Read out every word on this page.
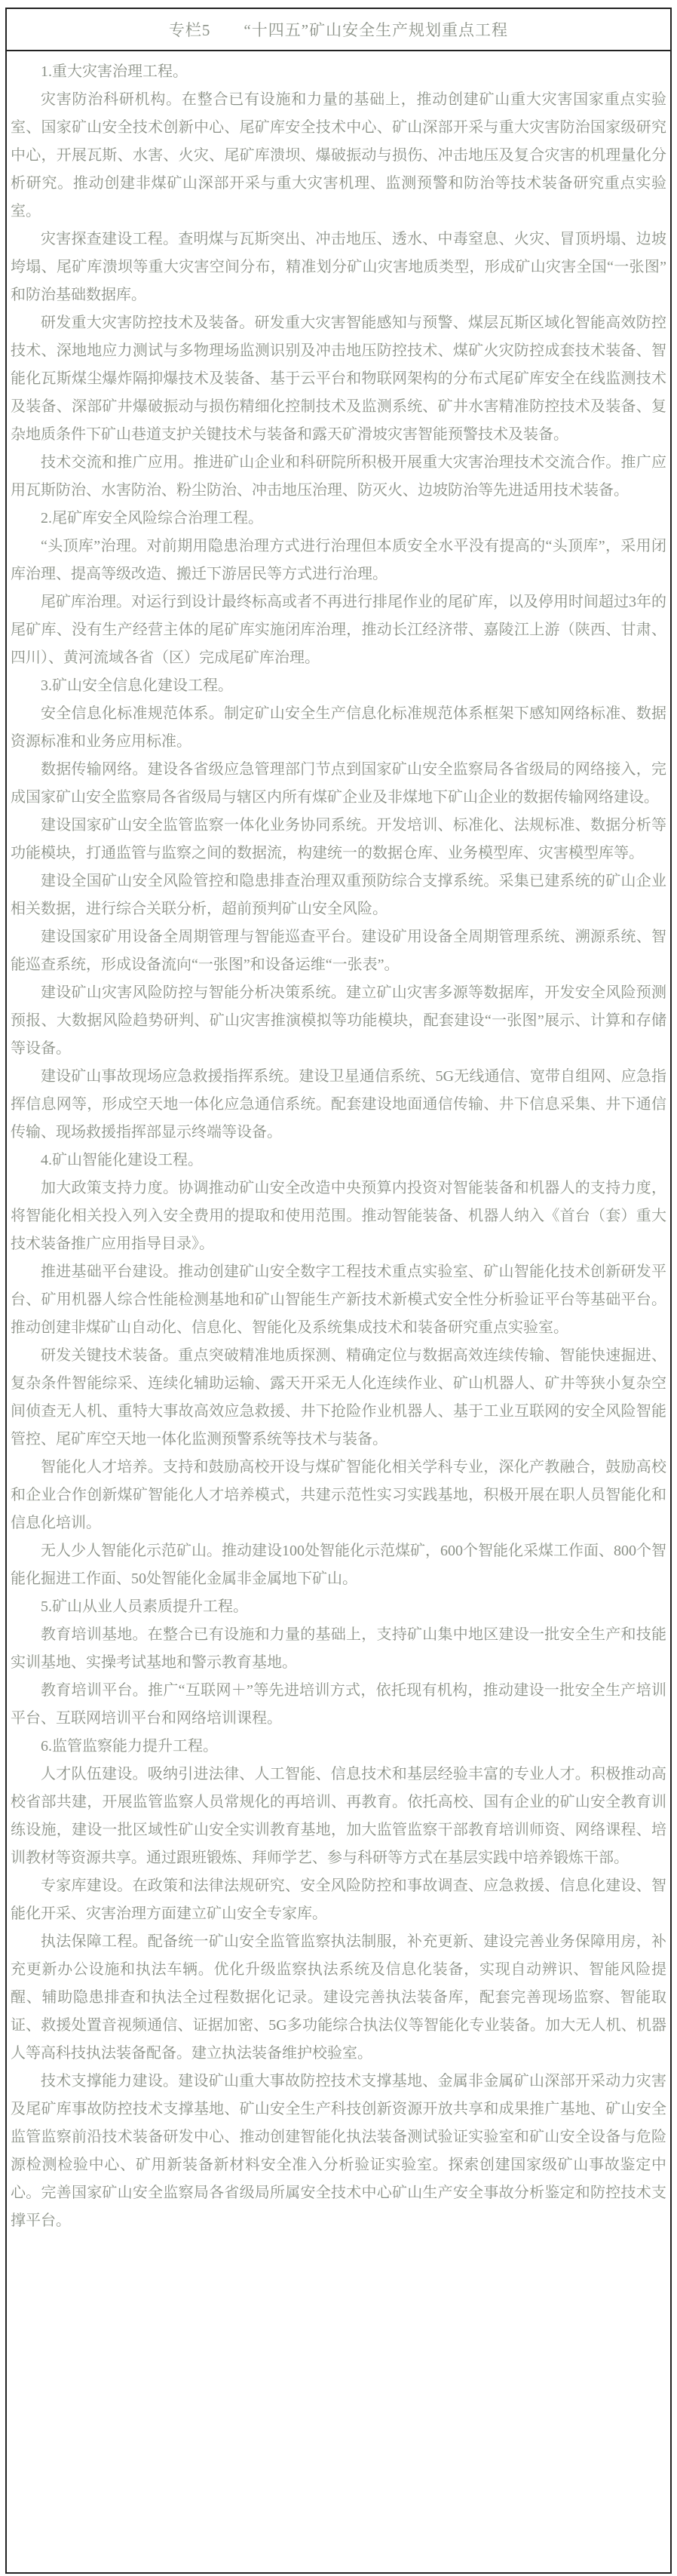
专栏5　　“十四五”矿山安全生产规划重点工程

1.重大灾害治理工程。

灾害防治科研机构。在整合已有设施和力量的基础上，推动创建矿山重大灾害国家重点实验室、国家矿山安全技术创新中心、尾矿库安全技术中心、矿山深部开采与重大灾害防治国家级研究中心，开展瓦斯、水害、火灾、尾矿库溃坝、爆破振动与损伤、冲击地压及复合灾害的机理量化分析研究。推动创建非煤矿山深部开采与重大灾害机理、监测预警和防治等技术装备研究重点实验室。

灾害探查建设工程。查明煤与瓦斯突出、冲击地压、透水、中毒窒息、火灾、冒顶坍塌、边坡垮塌、尾矿库溃坝等重大灾害空间分布，精准划分矿山灾害地质类型，形成矿山灾害全国“一张图”和防治基础数据库。

研发重大灾害防控技术及装备。研发重大灾害智能感知与预警、煤层瓦斯区域化智能高效防控技术、深地地应力测试与多物理场监测识别及冲击地压防控技术、煤矿火灾防控成套技术装备、智能化瓦斯煤尘爆炸隔抑爆技术及装备、基于云平台和物联网架构的分布式尾矿库安全在线监测技术及装备、深部矿井爆破振动与损伤精细化控制技术及监测系统、矿井水害精准防控技术及装备、复杂地质条件下矿山巷道支护关键技术与装备和露天矿滑坡灾害智能预警技术及装备。

技术交流和推广应用。推进矿山企业和科研院所积极开展重大灾害治理技术交流合作。推广应用瓦斯防治、水害防治、粉尘防治、冲击地压治理、防灭火、边坡防治等先进适用技术装备。

2.尾矿库安全风险综合治理工程。

“头顶库”治理。对前期用隐患治理方式进行治理但本质安全水平没有提高的“头顶库”，采用闭库治理、提高等级改造、搬迁下游居民等方式进行治理。

尾矿库治理。对运行到设计最终标高或者不再进行排尾作业的尾矿库，以及停用时间超过3年的尾矿库、没有生产经营主体的尾矿库实施闭库治理，推动长江经济带、嘉陵江上游（陕西、甘肃、四川）、黄河流域各省（区）完成尾矿库治理。

3.矿山安全信息化建设工程。

安全信息化标准规范体系。制定矿山安全生产信息化标准规范体系框架下感知网络标准、数据资源标准和业务应用标准。

数据传输网络。建设各省级应急管理部门节点到国家矿山安全监察局各省级局的网络接入，完成国家矿山安全监察局各省级局与辖区内所有煤矿企业及非煤地下矿山企业的数据传输网络建设。

建设国家矿山安全监管监察一体化业务协同系统。开发培训、标准化、法规标准、数据分析等功能模块，打通监管与监察之间的数据流，构建统一的数据仓库、业务模型库、灾害模型库等。

建设全国矿山安全风险管控和隐患排查治理双重预防综合支撑系统。采集已建系统的矿山企业相关数据，进行综合关联分析，超前预判矿山安全风险。

建设国家矿用设备全周期管理与智能巡查平台。建设矿用设备全周期管理系统、溯源系统、智能巡查系统，形成设备流向“一张图”和设备运维“一张表”。

建设矿山灾害风险防控与智能分析决策系统。建立矿山灾害多源等数据库，开发安全风险预测预报、大数据风险趋势研判、矿山灾害推演模拟等功能模块，配套建设“一张图”展示、计算和存储等设备。

建设矿山事故现场应急救援指挥系统。建设卫星通信系统、5G无线通信、宽带自组网、应急指挥信息网等，形成空天地一体化应急通信系统。配套建设地面通信传输、井下信息采集、井下通信传输、现场救援指挥部显示终端等设备。

4.矿山智能化建设工程。

加大政策支持力度。协调推动矿山安全改造中央预算内投资对智能装备和机器人的支持力度，将智能化相关投入列入安全费用的提取和使用范围。推动智能装备、机器人纳入《首台（套）重大技术装备推广应用指导目录》。

推进基础平台建设。推动创建矿山安全数字工程技术重点实验室、矿山智能化技术创新研发平台、矿用机器人综合性能检测基地和矿山智能生产新技术新模式安全性分析验证平台等基础平台。推动创建非煤矿山自动化、信息化、智能化及系统集成技术和装备研究重点实验室。

研发关键技术装备。重点突破精准地质探测、精确定位与数据高效连续传输、智能快速掘进、复杂条件智能综采、连续化辅助运输、露天开采无人化连续作业、矿山机器人、矿井等狭小复杂空间侦查无人机、重特大事故高效应急救援、井下抢险作业机器人、基于工业互联网的安全风险智能管控、尾矿库空天地一体化监测预警系统等技术与装备。

智能化人才培养。支持和鼓励高校开设与煤矿智能化相关学科专业，深化产教融合，鼓励高校和企业合作创新煤矿智能化人才培养模式，共建示范性实习实践基地，积极开展在职人员智能化和信息化培训。

无人少人智能化示范矿山。推动建设100处智能化示范煤矿，600个智能化采煤工作面、800个智能化掘进工作面、50处智能化金属非金属地下矿山。

5.矿山从业人员素质提升工程。

教育培训基地。在整合已有设施和力量的基础上，支持矿山集中地区建设一批安全生产和技能实训基地、实操考试基地和警示教育基地。

教育培训平台。推广“互联网＋”等先进培训方式，依托现有机构，推动建设一批安全生产培训平台、互联网培训平台和网络培训课程。

6.监管监察能力提升工程。

人才队伍建设。吸纳引进法律、人工智能、信息技术和基层经验丰富的专业人才。积极推动高校省部共建，开展监管监察人员常规化的再培训、再教育。依托高校、国有企业的矿山安全教育训练设施，建设一批区域性矿山安全实训教育基地，加大监管监察干部教育培训师资、网络课程、培训教材等资源共享。通过跟班锻炼、拜师学艺、参与科研等方式在基层实践中培养锻炼干部。

专家库建设。在政策和法律法规研究、安全风险防控和事故调查、应急救援、信息化建设、智能化开采、灾害治理方面建立矿山安全专家库。

执法保障工程。配备统一矿山安全监管监察执法制服，补充更新、建设完善业务保障用房，补充更新办公设施和执法车辆。优化升级监察执法系统及信息化装备，实现自动辨识、智能风险提醒、辅助隐患排查和执法全过程数据化记录。建设完善执法装备库，配套完善现场监察、智能取证、救援处置音视频通信、证据加密、5G多功能综合执法仪等智能化专业装备。加大无人机、机器人等高科技执法装备配备。建立执法装备维护校验室。

技术支撑能力建设。建设矿山重大事故防控技术支撑基地、金属非金属矿山深部开采动力灾害及尾矿库事故防控技术支撑基地、矿山安全生产科技创新资源开放共享和成果推广基地、矿山安全监管监察前沿技术装备研发中心、推动创建智能化执法装备测试验证实验室和矿山安全设备与危险源检测检验中心、矿用新装备新材料安全准入分析验证实验室。探索创建国家级矿山事故鉴定中心。完善国家矿山安全监察局各省级局所属安全技术中心矿山生产安全事故分析鉴定和防控技术支撑平台。
